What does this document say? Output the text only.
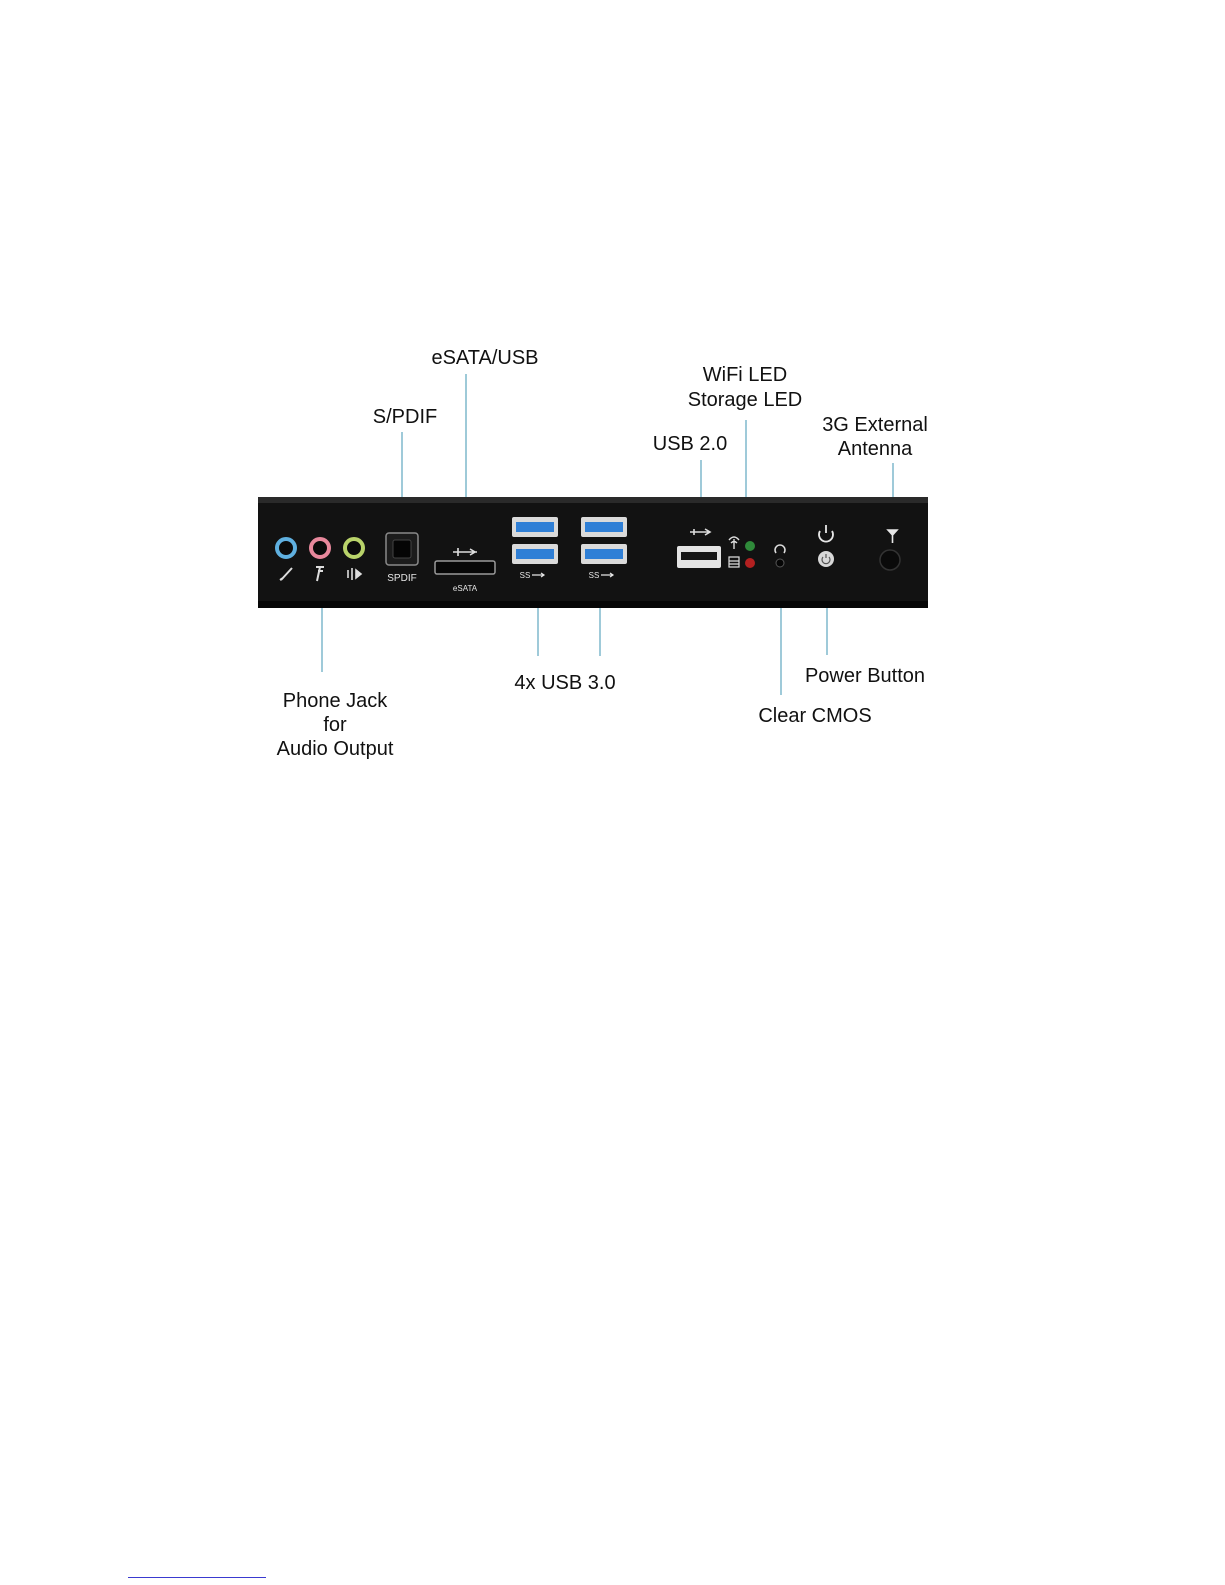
eSATA/USB
S/PDIF
WiFi LED
Storage LED
USB 2.0
3G External
Antenna
Phone Jack
for
Audio Output
4x USB 3.0	Power Button
Clear CMOS
SPDIF
eSATA
SS	SS
